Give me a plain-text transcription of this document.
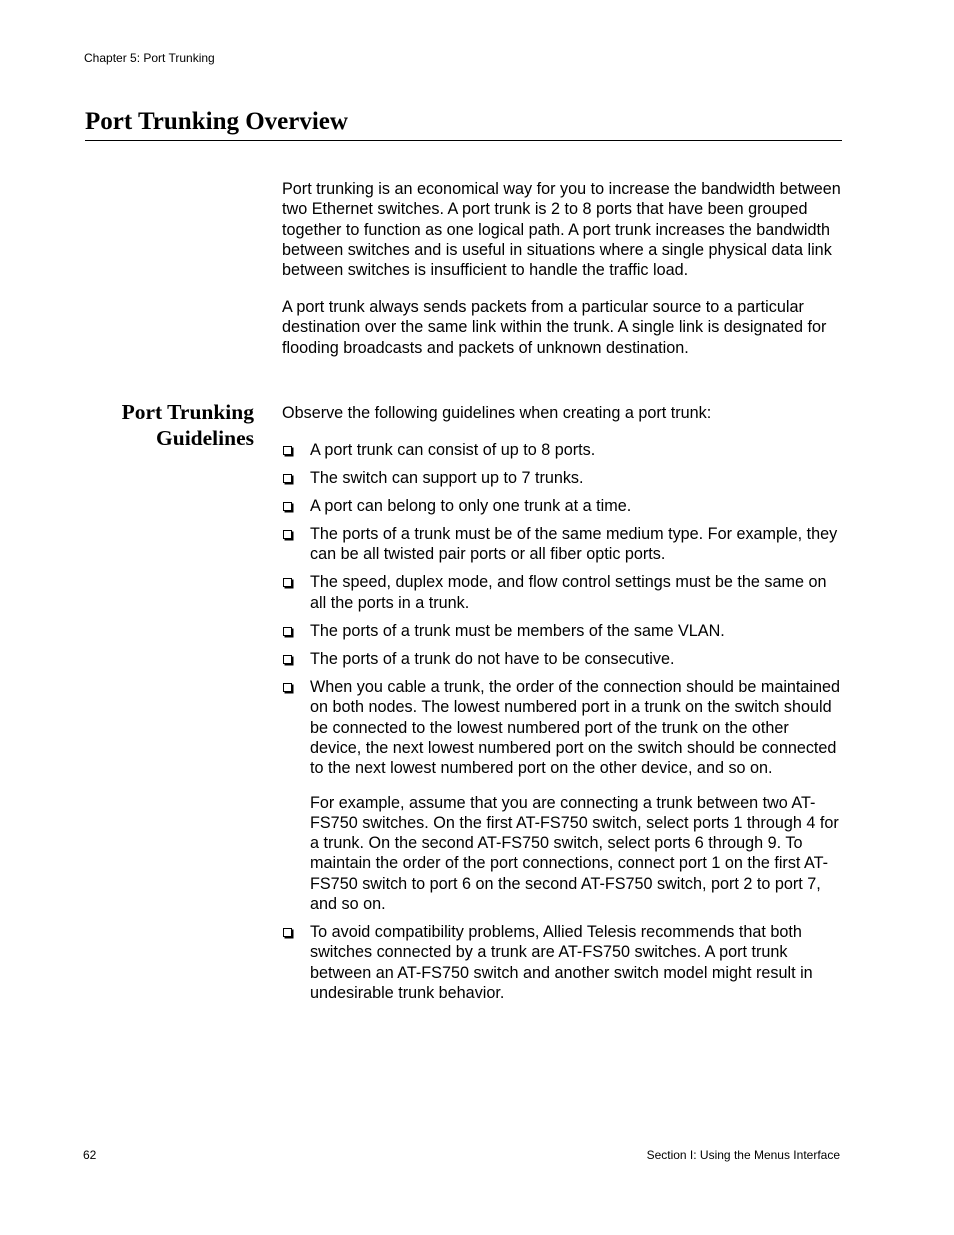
Chapter 5: Port Trunking
Port Trunking Overview

Port trunking is an economical way for you to increase the bandwidth between two Ethernet switches. A port trunk is 2 to 8 ports that have been grouped together to function as one logical path. A port trunk increases the bandwidth between switches and is useful in situations where a single physical data link between switches is insufficient to handle the traffic load.

A port trunk always sends packets from a particular source to a particular destination over the same link within the trunk. A single link is designated for flooding broadcasts and packets of unknown destination.

Port Trunking
Guidelines

Observe the following guidelines when creating a port trunk:

A port trunk can consist of up to 8 ports.
The switch can support up to 7 trunks.
A port can belong to only one trunk at a time.
The ports of a trunk must be of the same medium type. For example, they can be all twisted pair ports or all fiber optic ports.
The speed, duplex mode, and flow control settings must be the same on all the ports in a trunk.
The ports of a trunk must be members of the same VLAN.
The ports of a trunk do not have to be consecutive.
When you cable a trunk, the order of the connection should be maintained on both nodes. The lowest numbered port in a trunk on the switch should be connected to the lowest numbered port of the trunk on the other device, the next lowest numbered port on the switch should be connected to the next lowest numbered port on the other device, and so on.

For example, assume that you are connecting a trunk between two AT-FS750 switches. On the first AT-FS750 switch, select ports 1 through 4 for a trunk. On the second AT-FS750 switch, select ports 6 through 9. To maintain the order of the port connections, connect port 1 on the first AT-FS750 switch to port 6 on the second AT-FS750 switch, port 2 to port 7, and so on.

To avoid compatibility problems, Allied Telesis recommends that both switches connected by a trunk are AT-FS750 switches. A port trunk between an AT-FS750 switch and another switch model might result in undesirable trunk behavior.
62	Section I: Using the Menus Interface
